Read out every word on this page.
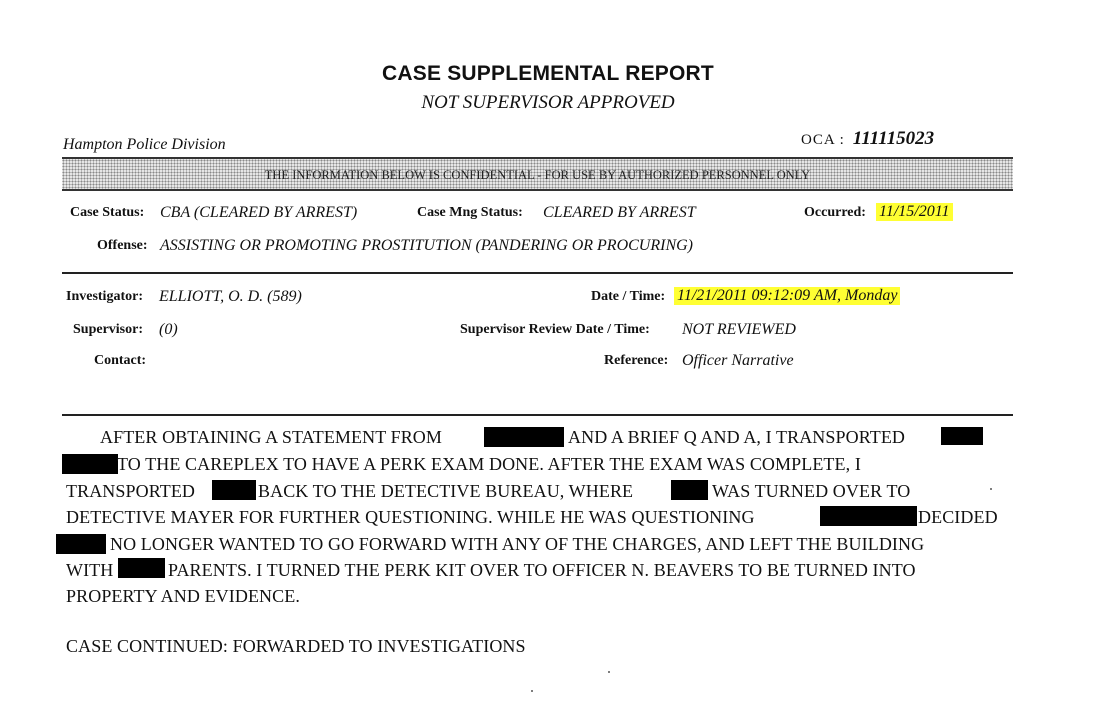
CASE SUPPLEMENTAL REPORT
NOT SUPERVISOR APPROVED
Hampton Police Division	OCA : 111115023
THE INFORMATION BELOW IS CONFIDENTIAL - FOR USE BY AUTHORIZED PERSONNEL ONLY
Case Status: CBA (CLEARED BY ARREST)	Case Mng Status: CLEARED BY ARREST	Occurred: 11/15/2011
Offense: ASSISTING OR PROMOTING PROSTITUTION (PANDERING OR PROCURING)
Investigator: ELLIOTT, O. D. (589)	Date / Time: 11/21/2011 09:12:09 AM, Monday
Supervisor: (0)	Supervisor Review Date / Time: NOT REVIEWED
Contact:	Reference: Officer Narrative
AFTER OBTAINING A STATEMENT FROM	AND A BRIEF Q AND A, I TRANSPORTED
TO THE CAREPLEX TO HAVE A PERK EXAM DONE. AFTER THE EXAM WAS COMPLETE, I
TRANSPORTED	BACK TO THE DETECTIVE BUREAU, WHERE	WAS TURNED OVER TO
DETECTIVE MAYER FOR FURTHER QUESTIONING. WHILE HE WAS QUESTIONING	DECIDED
NO LONGER WANTED TO GO FORWARD WITH ANY OF THE CHARGES, AND LEFT THE BUILDING
WITH	PARENTS. I TURNED THE PERK KIT OVER TO OFFICER N. BEAVERS TO BE TURNED INTO
PROPERTY AND EVIDENCE.
CASE CONTINUED: FORWARDED TO INVESTIGATIONS
